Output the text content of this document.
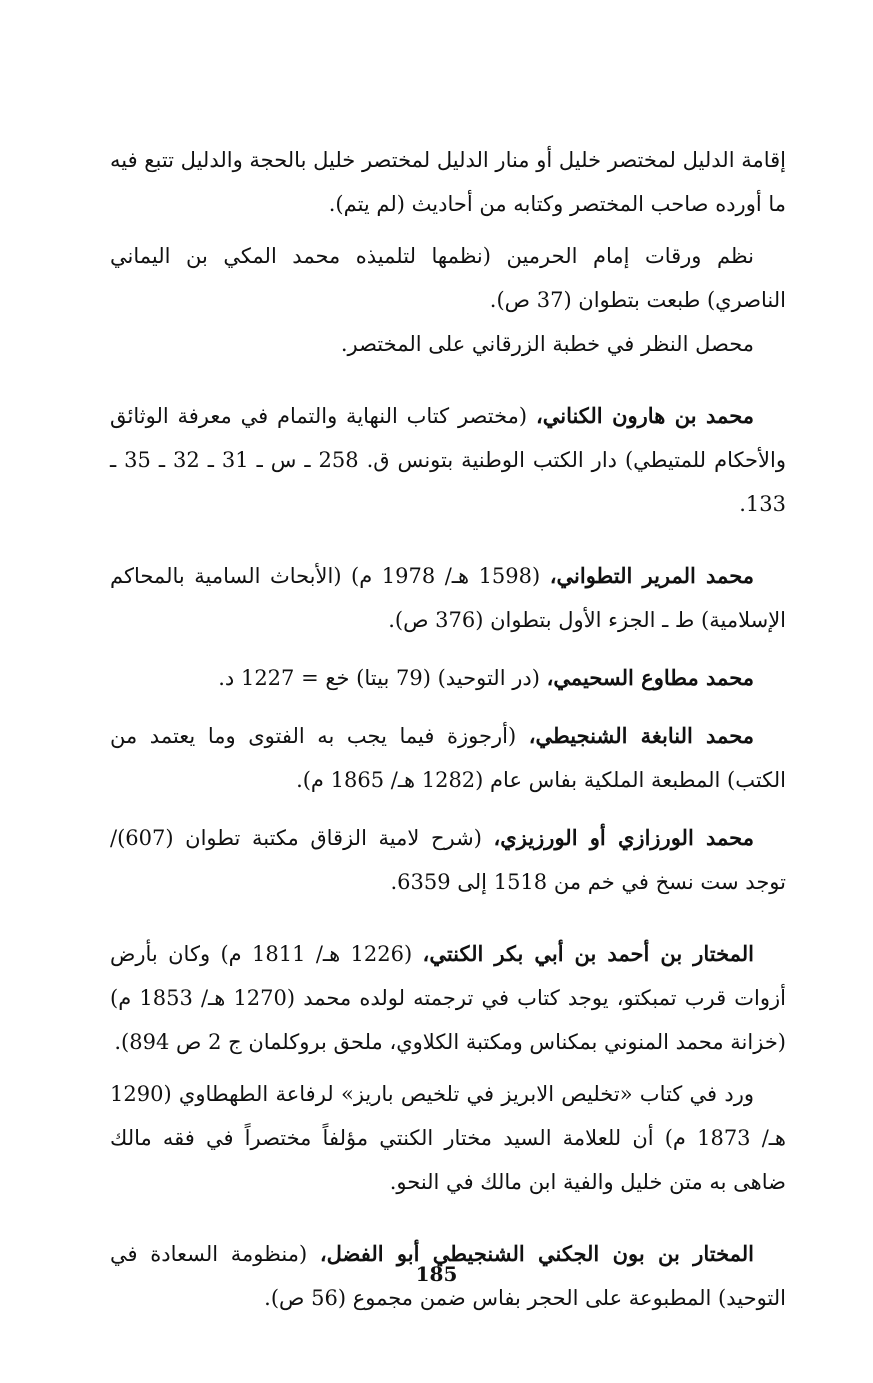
إقامة الدليل لمختصر خليل أو منار الدليل لمختصر خليل بالحجة والدليل تتبع فيه ما أورده صاحب المختصر وكتابه من أحاديث (لم يتم).

نظم ورقات إمام الحرمين (نظمها لتلميذه محمد المكي بن اليماني الناصري) طبعت بتطوان (37 ص).

محصل النظر في خطبة الزرقاني على المختصر.

محمد بن هارون الكناني، (مختصر كتاب النهاية والتمام في معرفة الوثائق والأحكام للمتيطي) دار الكتب الوطنية بتونس ق. 258 ـ س ـ 31 ـ 32 ـ 35 ـ 133.

محمد المرير التطواني، (1598 هـ/ 1978 م) (الأبحاث السامية بالمحاكم الإسلامية) ط ـ الجزء الأول بتطوان (376 ص).

محمد مطاوع السحيمي، (در التوحيد) (79 بيتا) خع = 1227 د.

محمد النابغة الشنجيطي، (أرجوزة فيما يجب به الفتوى وما يعتمد من الكتب) المطبعة الملكية بفاس عام (1282 هـ/ 1865 م).

محمد الورزازي أو الورزيزي، (شرح لامية الزقاق مكتبة تطوان (607)/ توجد ست نسخ في خم من 1518 إلى 6359.

المختار بن أحمد بن أبي بكر الكنتي، (1226 هـ/ 1811 م) وكان بأرض أزوات قرب تمبكتو، يوجد كتاب في ترجمته لولده محمد (1270 هـ/ 1853 م) (خزانة محمد المنوني بمكناس ومكتبة الكلاوي، ملحق بروكلمان ج 2 ص 894).

ورد في كتاب «تخليص الابريز في تلخيص باريز» لرفاعة الطهطاوي (1290 هـ/ 1873 م) أن للعلامة السيد مختار الكنتي مؤلفاً مختصراً في فقه مالك ضاهى به متن خليل والفية ابن مالك في النحو.

المختار بن بون الجكني الشنجيطي أبو الفضل، (منظومة السعادة في التوحيد) المطبوعة على الحجر بفاس ضمن مجموع (56 ص).

185
